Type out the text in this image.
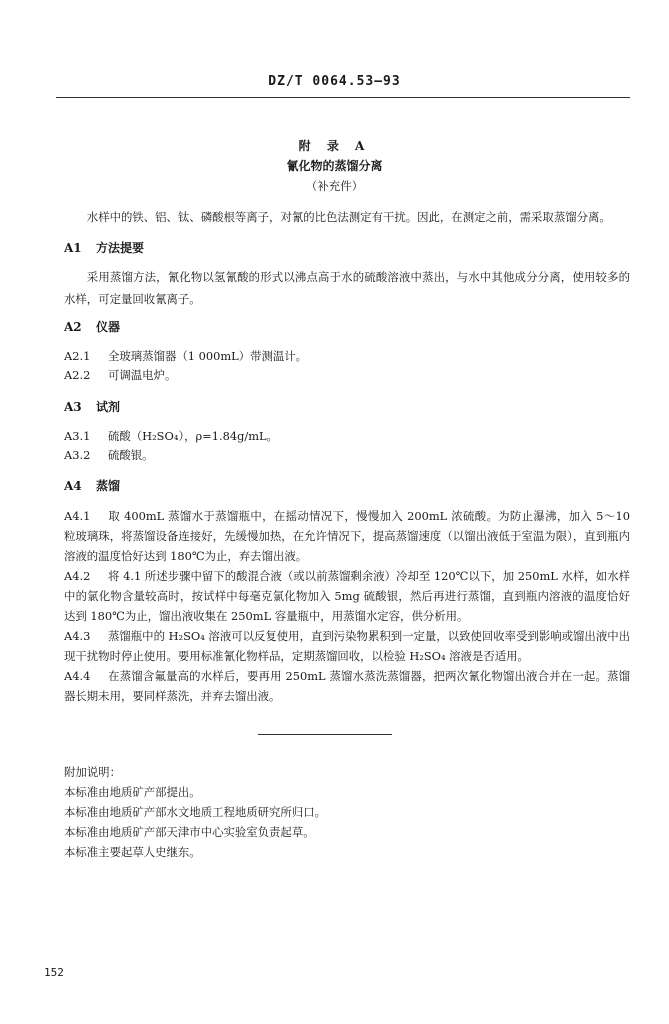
DZ/T 0064.53—93
附 录 A
氰化物的蒸馏分离
（补充件）

水样中的铁、铝、钛、磷酸根等离子，对氰的比色法测定有干扰。因此，在测定之前，需采取蒸馏分离。

A1 方法提要

采用蒸馏方法，氰化物以氢氰酸的形式以沸点高于水的硫酸溶液中蒸出，与水中其他成分分离，使用较多的水样，可定量回收氰离子。

A2 仪器
A2.1 全玻璃蒸馏器（1 000mL）带测温计。
A2.2 可调温电炉。
A3 试剂
A3.1 硫酸（H₂SO₄），ρ=1.84g/mL。
A3.2 硫酸银。
A4 蒸馏

A4.1 取 400mL 蒸馏水于蒸馏瓶中，在摇动情况下，慢慢加入 200mL 浓硫酸。为防止瀑沸，加入 5～10 粒玻璃珠，将蒸馏设备连接好，先缓慢加热，在允许情况下，提高蒸馏速度（以馏出液低于室温为限），直到瓶内溶液的温度恰好达到 180℃为止，弃去馏出液。

A4.2 将 4.1 所述步骤中留下的酸混合液（或以前蒸馏剩余液）冷却至 120℃以下，加 250mL 水样，如水样中的氯化物含量较高时，按试样中每毫克氯化物加入 5mg 硫酸银，然后再进行蒸馏，直到瓶内溶液的温度恰好达到 180℃为止，馏出液收集在 250mL 容量瓶中，用蒸馏水定容，供分析用。

A4.3 蒸馏瓶中的 H₂SO₄ 溶液可以反复使用，直到污染物累积到一定量，以致使回收率受到影响或馏出液中出现干扰物时停止使用。要用标准氰化物样品，定期蒸馏回收，以检验 H₂SO₄ 溶液是否适用。

A4.4 在蒸馏含氟量高的水样后，要再用 250mL 蒸馏水蒸洗蒸馏器，把两次氰化物馏出液合并在一起。蒸馏器长期未用，要同样蒸洗，并弃去馏出液。

附加说明：
本标准由地质矿产部提出。
本标准由地质矿产部水文地质工程地质研究所归口。
本标准由地质矿产部天津市中心实验室负责起草。
本标准主要起草人史继东。
152
